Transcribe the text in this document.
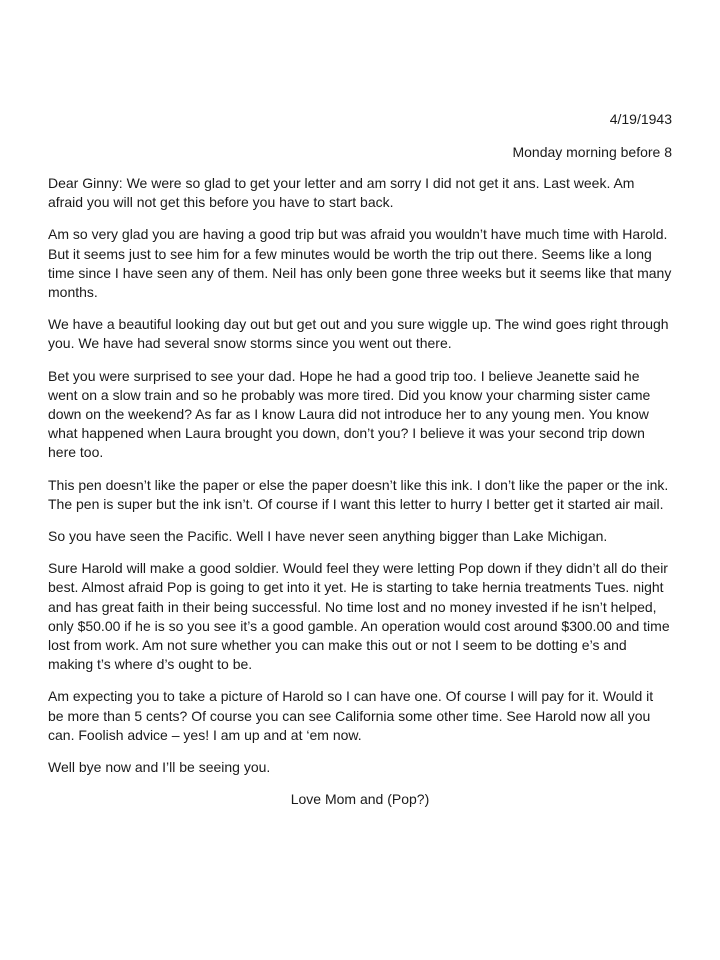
4/19/1943
Monday morning before 8

Dear Ginny: We were so glad to get your letter and am sorry I did not get it ans. Last week. Am afraid you will not get this before you have to start back.

Am so very glad you are having a good trip but was afraid you wouldn’t have much time with Harold. But it seems just to see him for a few minutes would be worth the trip out there. Seems like a long time since I have seen any of them. Neil has only been gone three weeks but it seems like that many months.

We have a beautiful looking day out but get out and you sure wiggle up. The wind goes right through you. We have had several snow storms since you went out there.

Bet you were surprised to see your dad. Hope he had a good trip too. I believe Jeanette said he went on a slow train and so he probably was more tired. Did you know your charming sister came down on the weekend? As far as I know Laura did not introduce her to any young men. You know what happened when Laura brought you down, don’t you? I believe it was your second trip down here too.

This pen doesn’t like the paper or else the paper doesn’t like this ink. I don’t like the paper or the ink. The pen is super but the ink isn’t. Of course if I want this letter to hurry I better get it started air mail.

So you have seen the Pacific. Well I have never seen anything bigger than Lake Michigan.

Sure Harold will make a good soldier. Would feel they were letting Pop down if they didn’t all do their best. Almost afraid Pop is going to get into it yet. He is starting to take hernia treatments Tues. night and has great faith in their being successful. No time lost and no money invested if he isn’t helped, only $50.00 if he is so you see it’s a good gamble. An operation would cost around $300.00 and time lost from work. Am not sure whether you can make this out or not I seem to be dotting e’s and making t’s where d’s ought to be.

Am expecting you to take a picture of Harold so I can have one. Of course I will pay for it. Would it be more than 5 cents? Of course you can see California some other time. See Harold now all you can. Foolish advice – yes! I am up and at ‘em now.

Well bye now and I’ll be seeing you.

Love Mom and (Pop?)
